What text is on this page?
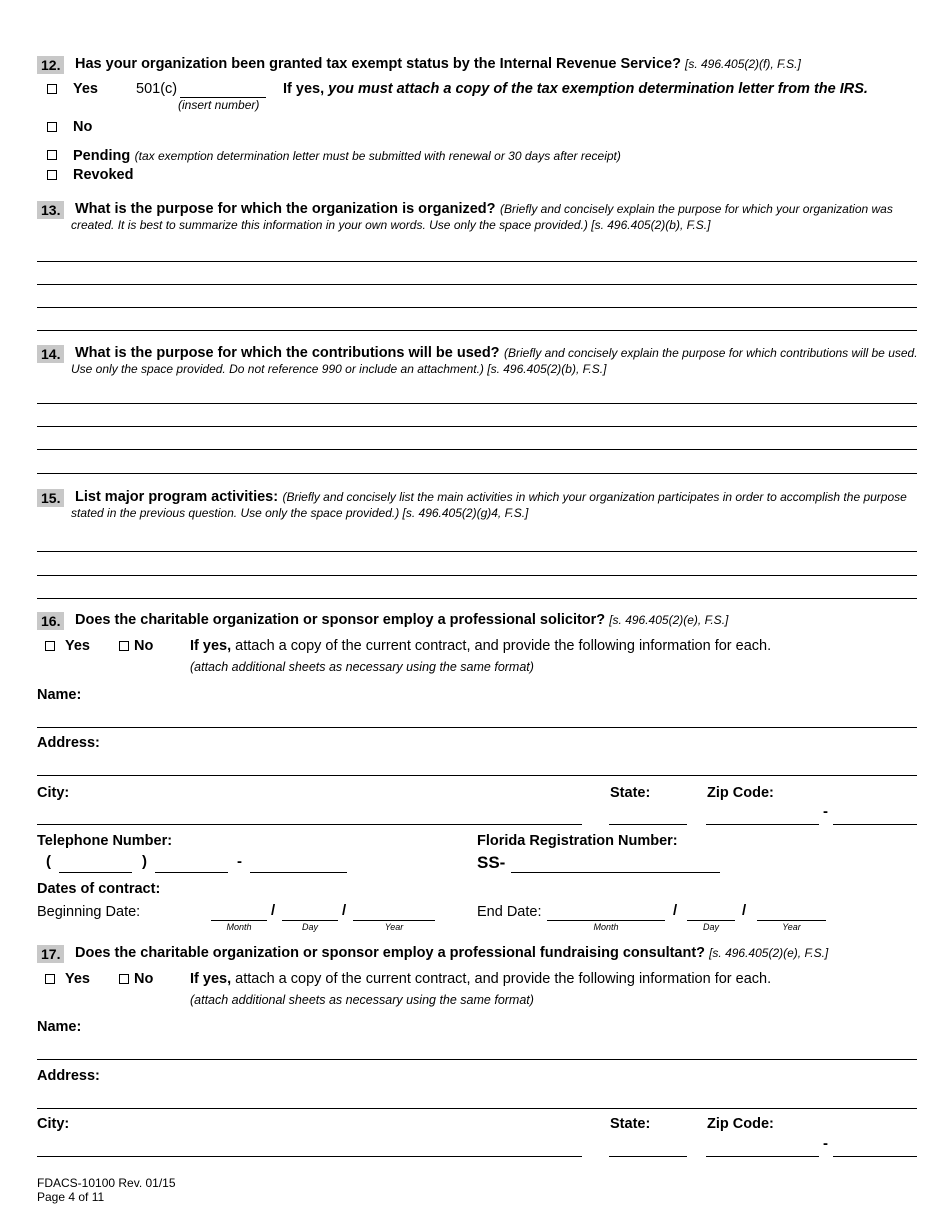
12. Has your organization been granted tax exempt status by the Internal Revenue Service? [s. 496.405(2)(f), F.S.]
Yes	501(c)
(insert number)
If yes, you must attach a copy of the tax exemption determination letter from the IRS.
No
Pending (tax exemption determination letter must be submitted with renewal or 30 days after receipt)
Revoked
13. What is the purpose for which the organization is organized? (Briefly and concisely explain the purpose for which your organization was created. It is best to summarize this information in your own words. Use only the space provided.) [s. 496.405(2)(b), F.S.]
14. What is the purpose for which the contributions will be used? (Briefly and concisely explain the purpose for which contributions will be used. Use only the space provided. Do not reference 990 or include an attachment.) [s. 496.405(2)(b), F.S.]
15. List major program activities: (Briefly and concisely list the main activities in which your organization participates in order to accomplish the purpose stated in the previous question. Use only the space provided.) [s. 496.405(2)(g)4, F.S.]
16. Does the charitable organization or sponsor employ a professional solicitor? [s. 496.405(2)(e), F.S.]
Yes	No	If yes, attach a copy of the current contract, and provide the following information for each.
(attach additional sheets as necessary using the same format)
Name:
Address:
City:	State:	Zip Code:
-
Telephone Number:
(	)	-
Florida Registration Number:
SS-
Dates of contract:
Beginning Date:	/	/
Month	Day	Year
End Date:	/	/
Month	Day	Year
17. Does the charitable organization or sponsor employ a professional fundraising consultant? [s. 496.405(2)(e), F.S.]
Yes	No	If yes, attach a copy of the current contract, and provide the following information for each.
(attach additional sheets as necessary using the same format)
Name:
Address:
City:	State:	Zip Code:
-
FDACS-10100 Rev. 01/15
Page 4 of 11
